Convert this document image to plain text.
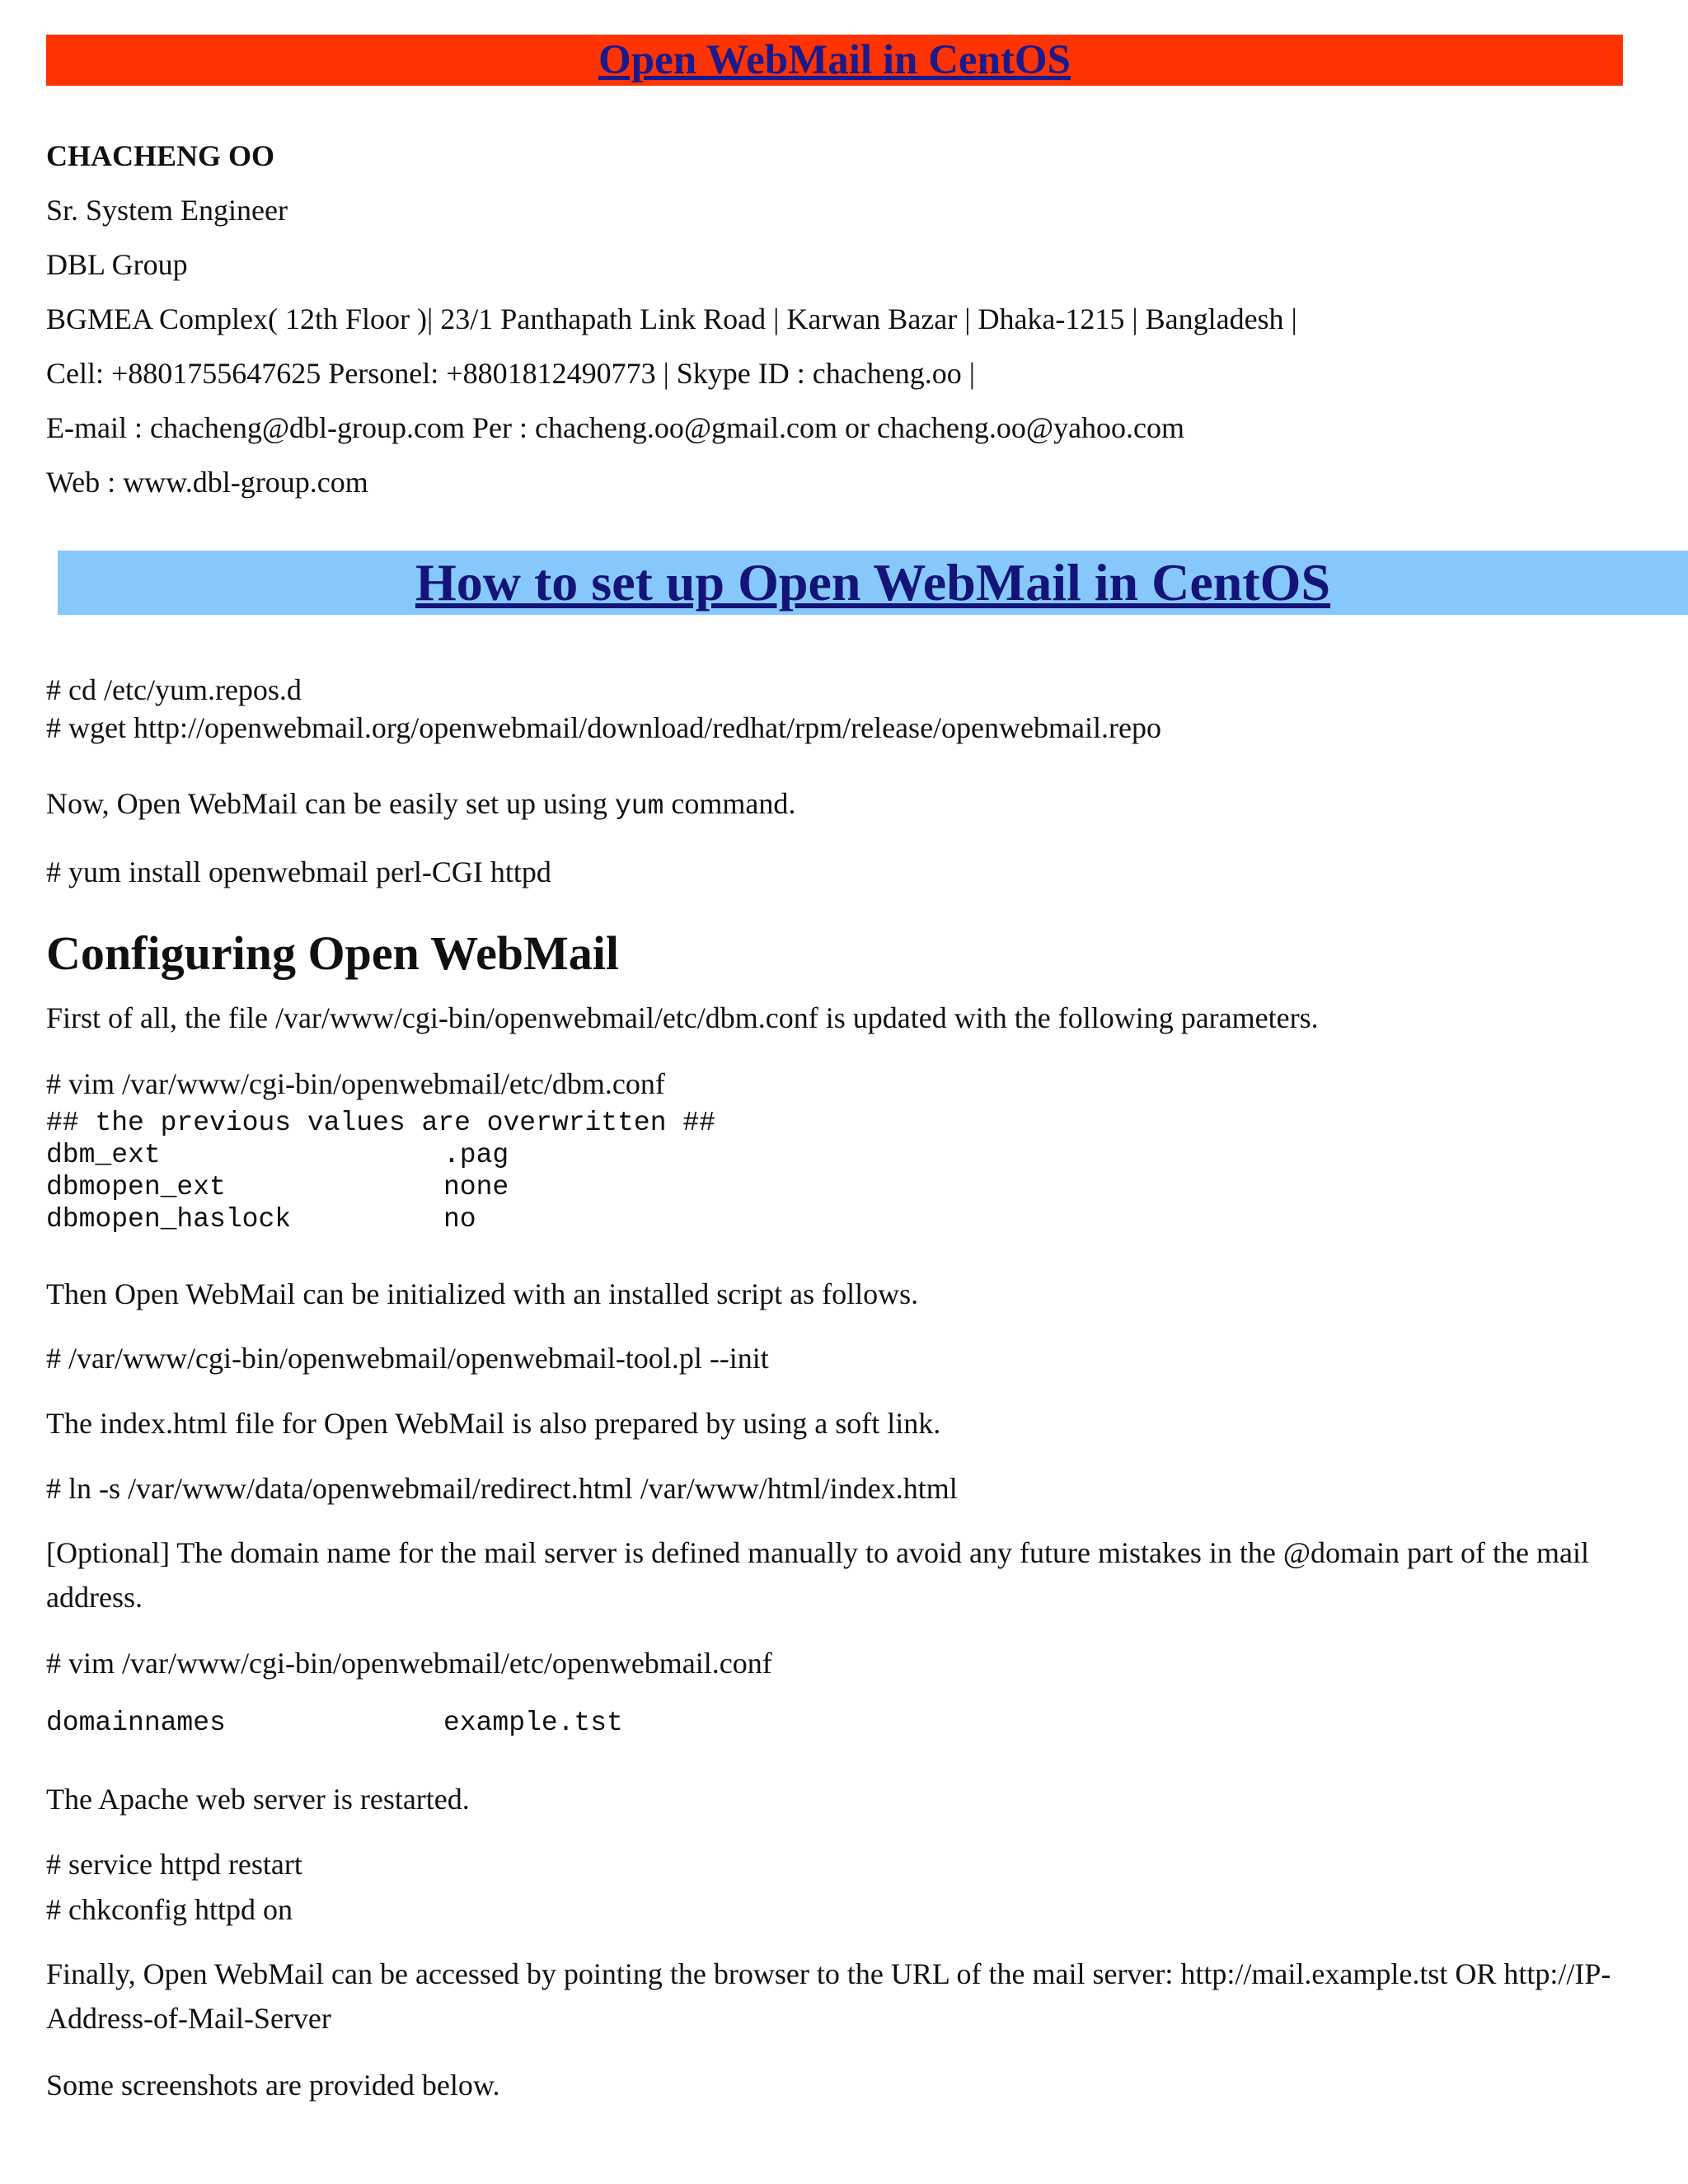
Open WebMail in CentOS
CHACHENG OO
Sr. System Engineer
DBL Group
BGMEA Complex( 12th Floor )| 23/1 Panthapath Link Road | Karwan Bazar | Dhaka-1215 | Bangladesh |
Cell: +8801755647625 Personel: +8801812490773 | Skype ID : chacheng.oo |
E-mail : chacheng@dbl-group.com Per : chacheng.oo@gmail.com or chacheng.oo@yahoo.com
Web : www.dbl-group.com
How to set up Open WebMail in CentOS
# cd /etc/yum.repos.d
# wget http://openwebmail.org/openwebmail/download/redhat/rpm/release/openwebmail.repo
Now, Open WebMail can be easily set up using yum command.
# yum install openwebmail perl-CGI httpd
Configuring Open WebMail
First of all, the file /var/www/cgi-bin/openwebmail/etc/dbm.conf is updated with the following parameters.
# vim /var/www/cgi-bin/openwebmail/etc/dbm.conf
## the previous values are overwritten ##
dbm_ext	.pag
dbmopen_ext	none
dbmopen_haslock	no
Then Open WebMail can be initialized with an installed script as follows.
# /var/www/cgi-bin/openwebmail/openwebmail-tool.pl --init
The index.html file for Open WebMail is also prepared by using a soft link.
# ln -s /var/www/data/openwebmail/redirect.html /var/www/html/index.html
[Optional] The domain name for the mail server is defined manually to avoid any future mistakes in the @domain part of the mail address.
# vim /var/www/cgi-bin/openwebmail/etc/openwebmail.conf
domainnames	example.tst
The Apache web server is restarted.
# service httpd restart
# chkconfig httpd on
Finally, Open WebMail can be accessed by pointing the browser to the URL of the mail server: http://mail.example.tst OR http://IP-Address-of-Mail-Server
Some screenshots are provided below.
